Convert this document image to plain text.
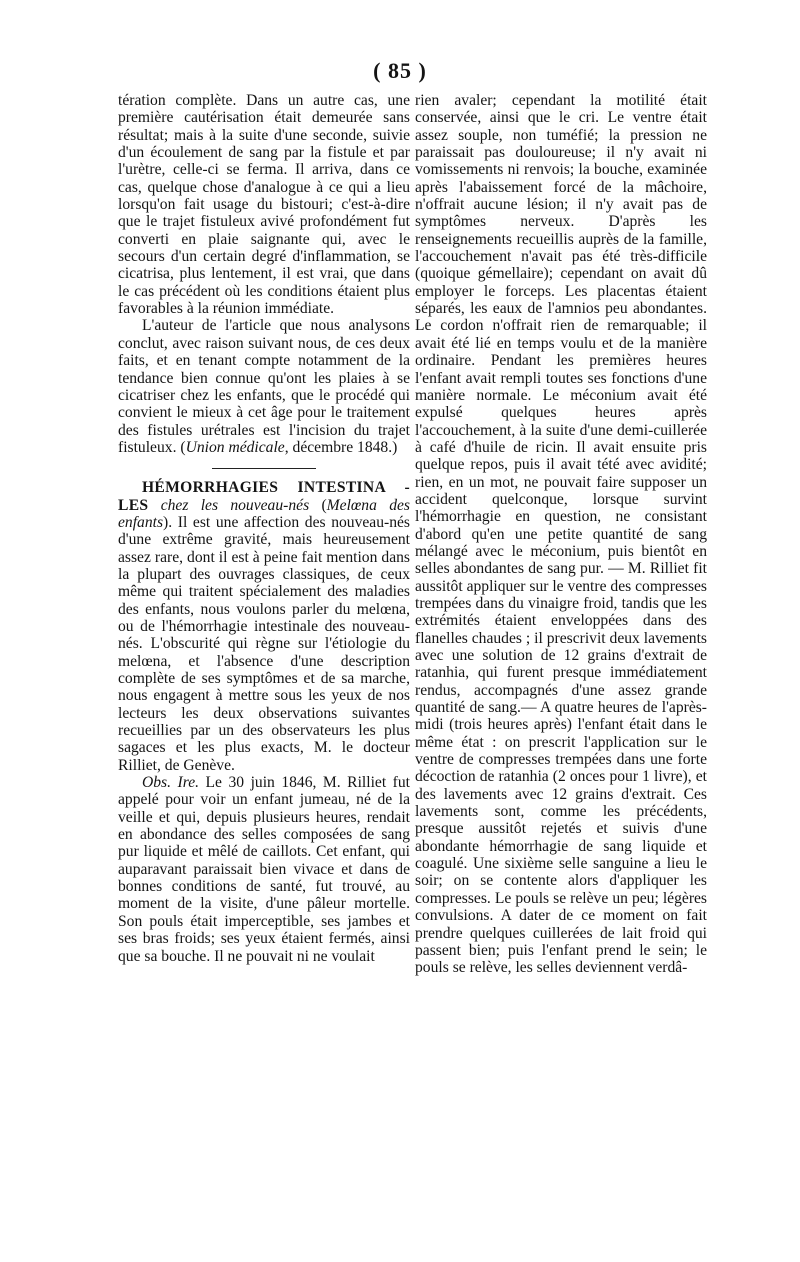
( 85 )

tération complète. Dans un autre cas, une première cautérisation était demeurée sans résultat; mais à la suite d'une seconde, suivie d'un écoulement de sang par la fistule et par l'urètre, celle-ci se ferma. Il arriva, dans ce cas, quelque chose d'analogue à ce qui a lieu lorsqu'on fait usage du bistouri; c'est-à-dire que le trajet fistuleux avivé profondément fut converti en plaie saignante qui, avec le secours d'un certain degré d'inflammation, se cicatrisa, plus lentement, il est vrai, que dans le cas précédent où les conditions étaient plus favorables à la réunion immédiate.

L'auteur de l'article que nous analysons conclut, avec raison suivant nous, de ces deux faits, et en tenant compte notamment de la tendance bien connue qu'ont les plaies à se cicatriser chez les enfants, que le procédé qui convient le mieux à cet âge pour le traitement des fistules urétrales est l'incision du trajet fistuleux. (Union médicale, décembre 1848.)

HÉMORRHAGIES INTESTINA - LES chez les nouveau-nés (Melœna des enfants). Il est une affection des nouveau-nés d'une extrême gravité, mais heureusement assez rare, dont il est à peine fait mention dans la plupart des ouvrages classiques, de ceux même qui traitent spécialement des maladies des enfants, nous voulons parler du melœna, ou de l'hémorrhagie intestinale des nouveau-nés. L'obscurité qui règne sur l'étiologie du melœna, et l'absence d'une description complète de ses symptômes et de sa marche, nous engagent à mettre sous les yeux de nos lecteurs les deux observations suivantes recueillies par un des observateurs les plus sagaces et les plus exacts, M. le docteur Rilliet, de Genève.

Obs. Ire. Le 30 juin 1846, M. Rilliet fut appelé pour voir un enfant jumeau, né de la veille et qui, depuis plusieurs heures, rendait en abondance des selles composées de sang pur liquide et mêlé de caillots. Cet enfant, qui auparavant paraissait bien vivace et dans de bonnes conditions de santé, fut trouvé, au moment de la visite, d'une pâleur mortelle. Son pouls était imperceptible, ses jambes et ses bras froids; ses yeux étaient fermés, ainsi que sa bouche. Il ne pouvait ni ne voulait

rien avaler; cependant la motilité était conservée, ainsi que le cri. Le ventre était assez souple, non tuméfié; la pression ne paraissait pas douloureuse; il n'y avait ni vomissements ni renvois; la bouche, examinée après l'abaissement forcé de la mâchoire, n'offrait aucune lésion; il n'y avait pas de symptômes nerveux. D'après les renseignements recueillis auprès de la famille, l'accouchement n'avait pas été très-difficile (quoique gémellaire); cependant on avait dû employer le forceps. Les placentas étaient séparés, les eaux de l'amnios peu abondantes. Le cordon n'offrait rien de remarquable; il avait été lié en temps voulu et de la manière ordinaire. Pendant les premières heures l'enfant avait rempli toutes ses fonctions d'une manière normale. Le méconium avait été expulsé quelques heures après l'accouchement, à la suite d'une demi-cuillerée à café d'huile de ricin. Il avait ensuite pris quelque repos, puis il avait tété avec avidité; rien, en un mot, ne pouvait faire supposer un accident quelconque, lorsque survint l'hémorrhagie en question, ne consistant d'abord qu'en une petite quantité de sang mélangé avec le méconium, puis bientôt en selles abondantes de sang pur. — M. Rilliet fit aussitôt appliquer sur le ventre des compresses trempées dans du vinaigre froid, tandis que les extrémités étaient enveloppées dans des flanelles chaudes ; il prescrivit deux lavements avec une solution de 12 grains d'extrait de ratanhia, qui furent presque immédiatement rendus, accompagnés d'une assez grande quantité de sang.— A quatre heures de l'après-midi (trois heures après) l'enfant était dans le même état : on prescrit l'application sur le ventre de compresses trempées dans une forte décoction de ratanhia (2 onces pour 1 livre), et des lavements avec 12 grains d'extrait. Ces lavements sont, comme les précédents, presque aussitôt rejetés et suivis d'une abondante hémorrhagie de sang liquide et coagulé. Une sixième selle sanguine a lieu le soir; on se contente alors d'appliquer les compresses. Le pouls se relève un peu; légères convulsions. A dater de ce moment on fait prendre quelques cuillerées de lait froid qui passent bien; puis l'enfant prend le sein; le pouls se relève, les selles deviennent verdâ-
